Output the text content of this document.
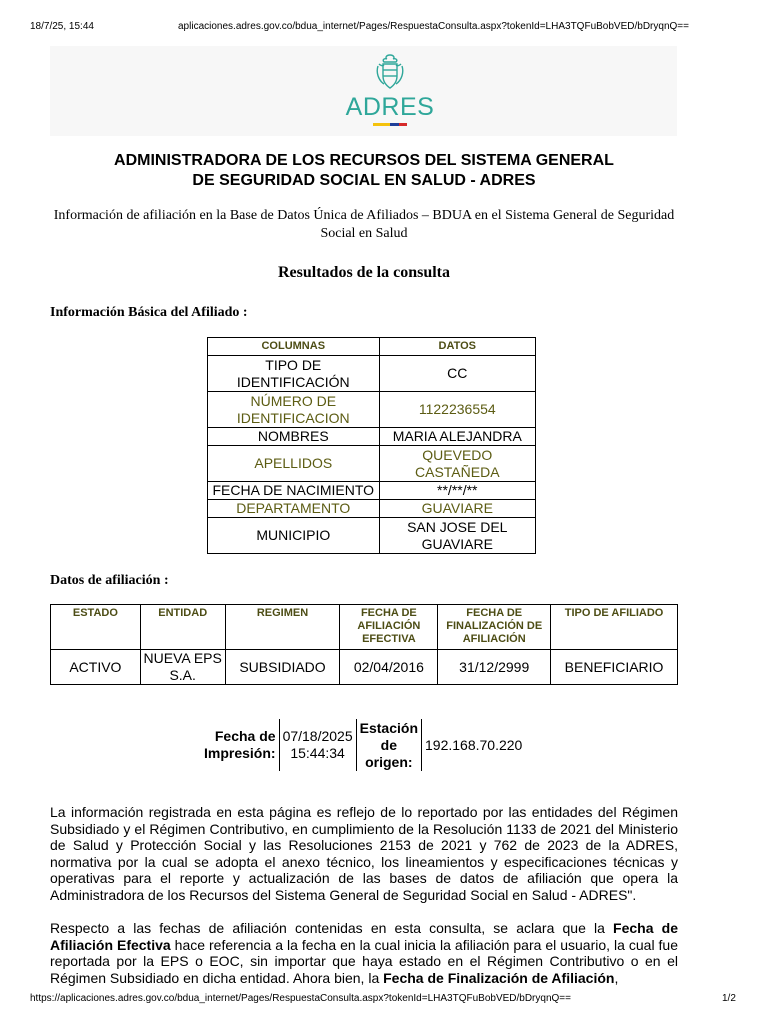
18/7/25, 15:44	aplicaciones.adres.gov.co/bdua_internet/Pages/RespuestaConsulta.aspx?tokenId=LHA3TQFuBobVED/bDryqnQ==
ADRES
ADMINISTRADORA DE LOS RECURSOS DEL SISTEMA GENERAL
DE SEGURIDAD SOCIAL EN SALUD - ADRES
Información de afiliación en la Base de Datos Única de Afiliados – BDUA en el Sistema General de Seguridad Social en Salud
Resultados de la consulta
Información Básica del Afiliado :
COLUMNAS	DATOS
TIPO DE IDENTIFICACIÓN	CC
NÚMERO DE IDENTIFICACION	1122236554
NOMBRES	MARIA ALEJANDRA
APELLIDOS	QUEVEDO CASTAÑEDA
FECHA DE NACIMIENTO	**/**/**
DEPARTAMENTO	GUAVIARE
MUNICIPIO	SAN JOSE DEL GUAVIARE
Datos de afiliación :
ESTADO	ENTIDAD	REGIMEN	FECHA DE AFILIACIÓN EFECTIVA	FECHA DE FINALIZACIÓN DE AFILIACIÓN	TIPO DE AFILIADO
ACTIVO	NUEVA EPS S.A.	SUBSIDIADO	02/04/2016	31/12/2999	BENEFICIARIO
Fecha de Impresión:	07/18/2025 15:44:34	Estación de origen:	192.168.70.220
La información registrada en esta página es reflejo de lo reportado por las entidades del Régimen Subsidiado y el Régimen Contributivo, en cumplimiento de la Resolución 1133 de 2021 del Ministerio de Salud y Protección Social y las Resoluciones 2153 de 2021 y 762 de 2023 de la ADRES, normativa por la cual se adopta el anexo técnico, los lineamientos y especificaciones técnicas y operativas para el reporte y actualización de las bases de datos de afiliación que opera la Administradora de los Recursos del Sistema General de Seguridad Social en Salud - ADRES".
Respecto a las fechas de afiliación contenidas en esta consulta, se aclara que la Fecha de Afiliación Efectiva hace referencia a la fecha en la cual inicia la afiliación para el usuario, la cual fue reportada por la EPS o EOC, sin importar que haya estado en el Régimen Contributivo o en el Régimen Subsidiado en dicha entidad. Ahora bien, la Fecha de Finalización de Afiliación,
https://aplicaciones.adres.gov.co/bdua_internet/Pages/RespuestaConsulta.aspx?tokenId=LHA3TQFuBobVED/bDryqnQ==	1/2
